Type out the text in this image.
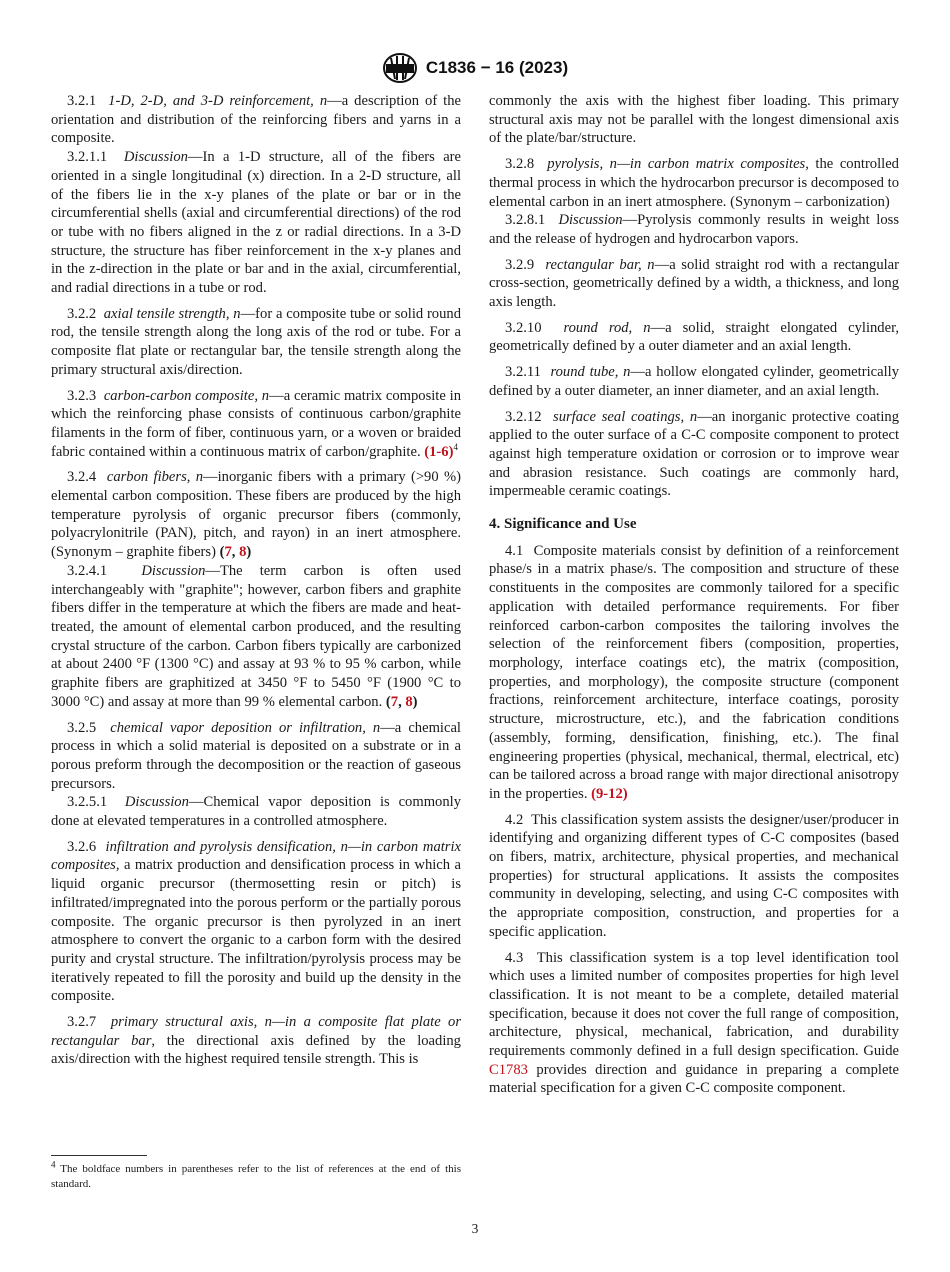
C1836 − 16 (2023)

3.2.1 1-D, 2-D, and 3-D reinforcement, n—a description of the orientation and distribution of the reinforcing fibers and yarns in a composite.

3.2.1.1 Discussion—In a 1-D structure, all of the fibers are oriented in a single longitudinal (x) direction. In a 2-D structure, all of the fibers lie in the x-y planes of the plate or bar or in the circumferential shells (axial and circumferential directions) of the rod or tube with no fibers aligned in the z or radial directions. In a 3-D structure, the structure has fiber reinforcement in the x-y planes and in the z-direction in the plate or bar and in the axial, circumferential, and radial directions in a tube or rod.

3.2.2 axial tensile strength, n—for a composite tube or solid round rod, the tensile strength along the long axis of the rod or tube. For a composite flat plate or rectangular bar, the tensile strength along the primary structural axis/direction.

3.2.3 carbon-carbon composite, n—a ceramic matrix composite in which the reinforcing phase consists of continuous carbon/graphite filaments in the form of fiber, continuous yarn, or a woven or braided fabric contained within a continuous matrix of carbon/graphite. $(1-6)^4$

3.2.4 carbon fibers, n—inorganic fibers with a primary (>90 %) elemental carbon composition. These fibers are produced by the high temperature pyrolysis of organic precursor fibers (commonly, polyacrylonitrile (PAN), pitch, and rayon) in an inert atmosphere. (Synonym – graphite fibers) (7, 8)

3.2.4.1 Discussion—The term carbon is often used interchangeably with "graphite"; however, carbon fibers and graphite fibers differ in the temperature at which the fibers are made and heat-treated, the amount of elemental carbon produced, and the resulting crystal structure of the carbon. Carbon fibers typically are carbonized at about 2400 °F (1300 °C) and assay at 93 % to 95 % carbon, while graphite fibers are graphitized at 3450 °F to 5450 °F (1900 °C to 3000 °C) and assay at more than 99 % elemental carbon. (7, 8)

3.2.5 chemical vapor deposition or infiltration, n—a chemical process in which a solid material is deposited on a substrate or in a porous preform through the decomposition or the reaction of gaseous precursors.

3.2.5.1 Discussion—Chemical vapor deposition is commonly done at elevated temperatures in a controlled atmosphere.

3.2.6 infiltration and pyrolysis densification, n—in carbon matrix composites, a matrix production and densification process in which a liquid organic precursor (thermosetting resin or pitch) is infiltrated/impregnated into the porous perform or the partially porous composite. The organic precursor is then pyrolyzed in an inert atmosphere to convert the organic to a carbon form with the desired purity and crystal structure. The infiltration/pyrolysis process may be iteratively repeated to fill the porosity and build up the density in the composite.

3.2.7 primary structural axis, n—in a composite flat plate or rectangular bar, the directional axis defined by the loading axis/direction with the highest required tensile strength. This is

$^4$ The boldface numbers in parentheses refer to the list of references at the end of this standard.

commonly the axis with the highest fiber loading. This primary structural axis may not be parallel with the longest dimensional axis of the plate/bar/structure.

3.2.8 pyrolysis, n—in carbon matrix composites, the controlled thermal process in which the hydrocarbon precursor is decomposed to elemental carbon in an inert atmosphere. (Synonym – carbonization)

3.2.8.1 Discussion—Pyrolysis commonly results in weight loss and the release of hydrogen and hydrocarbon vapors.

3.2.9 rectangular bar, n—a solid straight rod with a rectangular cross-section, geometrically defined by a width, a thickness, and long axis length.

3.2.10 round rod, n—a solid, straight elongated cylinder, geometrically defined by a outer diameter and an axial length.

3.2.11 round tube, n—a hollow elongated cylinder, geometrically defined by a outer diameter, an inner diameter, and an axial length.

3.2.12 surface seal coatings, n—an inorganic protective coating applied to the outer surface of a C-C composite component to protect against high temperature oxidation or corrosion or to improve wear and abrasion resistance. Such coatings are commonly hard, impermeable ceramic coatings.

4. Significance and Use

4.1 Composite materials consist by definition of a reinforcement phase/s in a matrix phase/s. The composition and structure of these constituents in the composites are commonly tailored for a specific application with detailed performance requirements. For fiber reinforced carbon-carbon composites the tailoring involves the selection of the reinforcement fibers (composition, properties, morphology, interface coatings etc), the matrix (composition, properties, and morphology), the composite structure (component fractions, reinforcement architecture, interface coatings, porosity structure, microstructure, etc.), and the fabrication conditions (assembly, forming, densification, finishing, etc.). The final engineering properties (physical, mechanical, thermal, electrical, etc) can be tailored across a broad range with major directional anisotropy in the properties. (9-12)

4.2 This classification system assists the designer/user/producer in identifying and organizing different types of C-C composites (based on fibers, matrix, architecture, physical properties, and mechanical properties) for structural applications. It assists the composites community in developing, selecting, and using C-C composites with the appropriate composition, construction, and properties for a specific application.

4.3 This classification system is a top level identification tool which uses a limited number of composites properties for high level classification. It is not meant to be a complete, detailed material specification, because it does not cover the full range of composition, architecture, physical, mechanical, fabrication, and durability requirements commonly defined in a full design specification. Guide C1783 provides direction and guidance in preparing a complete material specification for a given C-C composite component.

3
